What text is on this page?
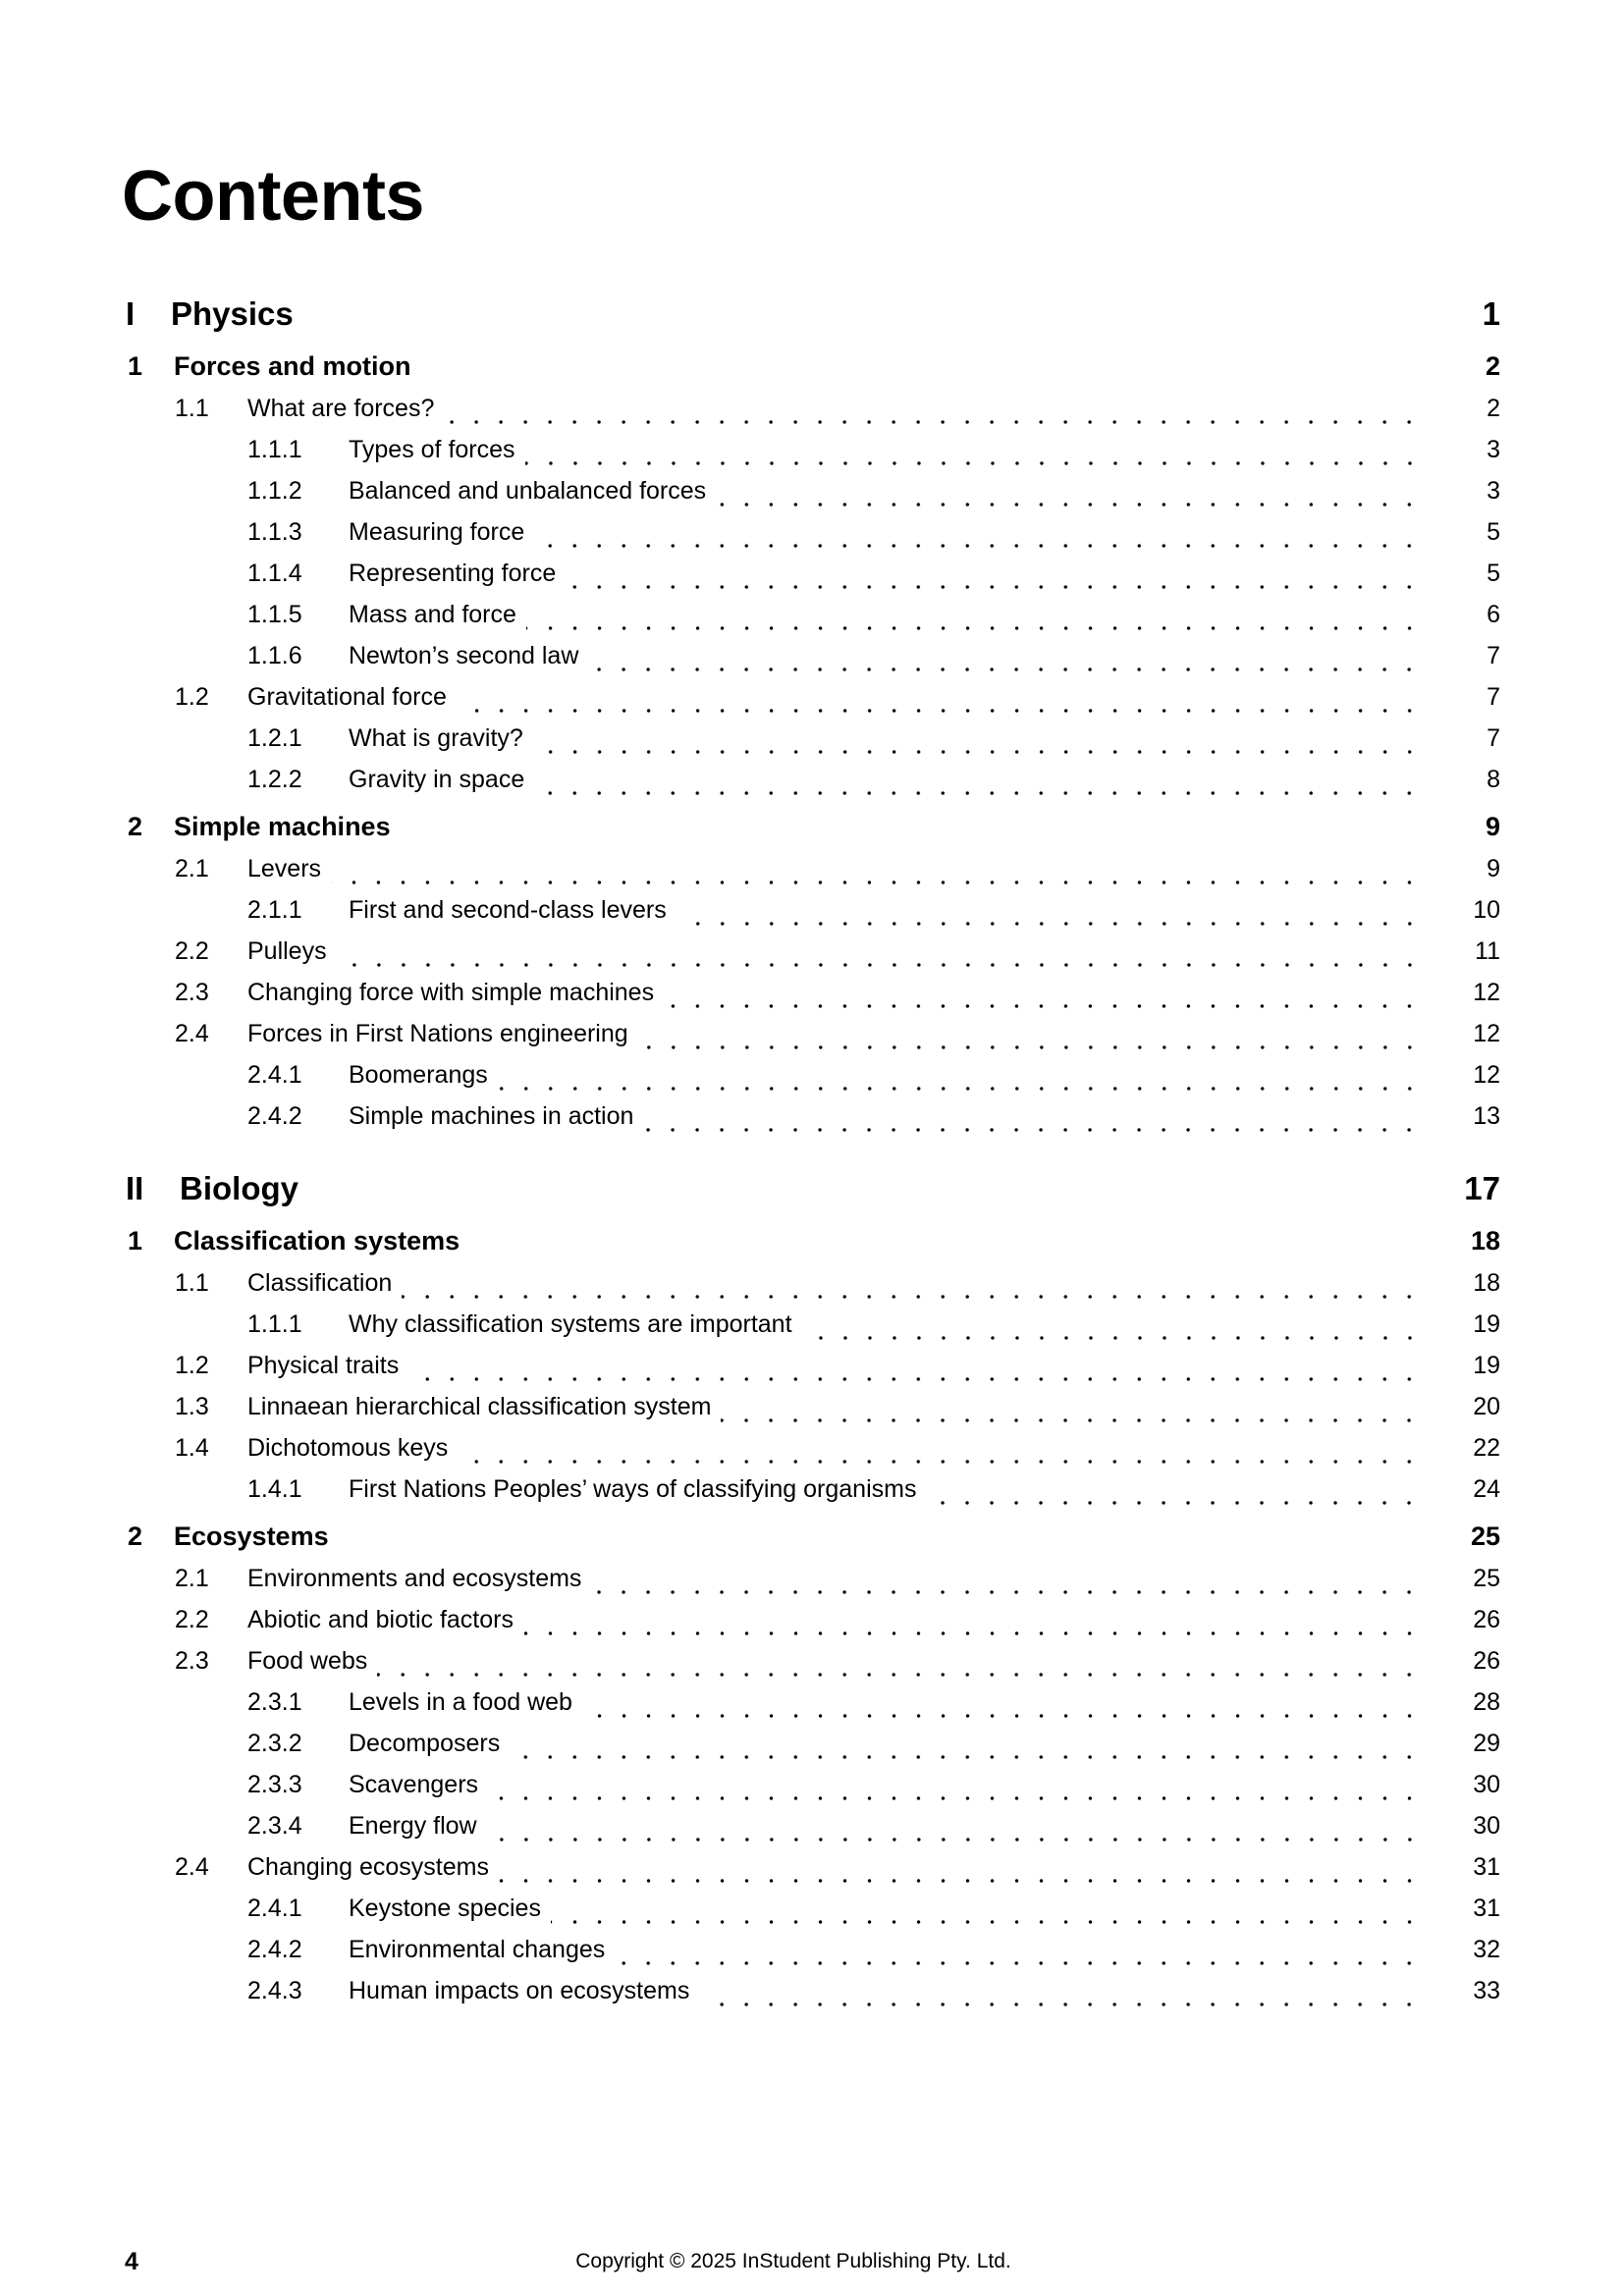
Contents
I	Physics	1
1	Forces and motion	2
1.1	What are forces?	2
1.1.1	Types of forces	3
1.1.2	Balanced and unbalanced forces	3
1.1.3	Measuring force	5
1.1.4	Representing force	5
1.1.5	Mass and force	6
1.1.6	Newton’s second law	7
1.2	Gravitational force	7
1.2.1	What is gravity?	7
1.2.2	Gravity in space	8
2	Simple machines	9
2.1	Levers	9
2.1.1	First and second-class levers	10
2.2	Pulleys	11
2.3	Changing force with simple machines	12
2.4	Forces in First Nations engineering	12
2.4.1	Boomerangs	12
2.4.2	Simple machines in action	13
II	Biology	17
1	Classification systems	18
1.1	Classification	18
1.1.1	Why classification systems are important	19
1.2	Physical traits	19
1.3	Linnaean hierarchical classification system	20
1.4	Dichotomous keys	22
1.4.1	First Nations Peoples’ ways of classifying organisms	24
2	Ecosystems	25
2.1	Environments and ecosystems	25
2.2	Abiotic and biotic factors	26
2.3	Food webs	26
2.3.1	Levels in a food web	28
2.3.2	Decomposers	29
2.3.3	Scavengers	30
2.3.4	Energy flow	30
2.4	Changing ecosystems	31
2.4.1	Keystone species	31
2.4.2	Environmental changes	32
2.4.3	Human impacts on ecosystems	33
4	Copyright © 2025 InStudent Publishing Pty. Ltd.
